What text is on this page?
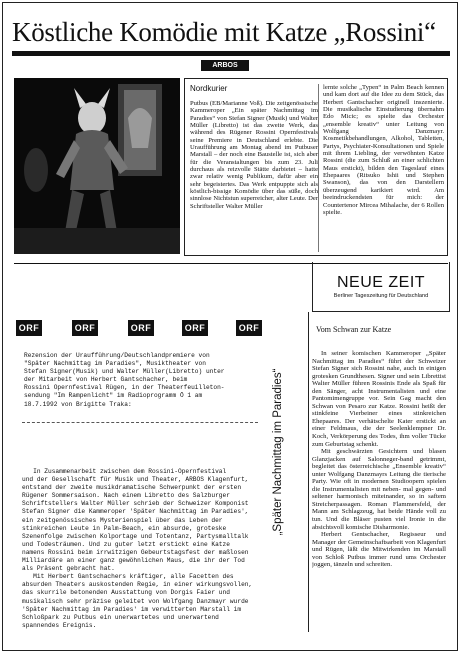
Köstliche Komödie mit Katze „Rossini“
ARBOS
Nordkurier
Putbus (EB/Marianne Voß). Die zeitgenössische Kammeroper „Ein später Nachmittag im Paradies“ von Stefan Signer (Musik) und Walter Müller (Libretto) ist das zweite Werk, das während des Rügener Rossini Opernfestivals seine Premiere in Deutschland erlebte. Die Uraufführung am Montag abend im Putbuser Marstall – der noch eine Baustelle ist, sich aber für die Veranstaltungen bis zum 23. Juli durchaus als reizvolle Stätte darbietet – hatte zwar relativ wenig Publikum, dafür aber ein sehr begeistertes. Das Werk entpuppte sich als köstlich-bissige Komödie über das süße, doch sinnlose Nichtstun superreicher, alter Leute. Der Schriftsteller Walter Müller
lernte solche „Typen“ in Palm Beach kennen und kam dort auf die Idee zu dem Stück, das Herbert Gantschacher originell inszenierte. Die musikalische Einstudierung übernahm Edo Micic; es spielte das Orchester „ensemble kreativ“ unter Leitung von Wolfgang Danzmayr. Kosmetikbehandlungen, Alkohol, Tabletten, Partys, Psychiater-Konsultationen und Spiele mit ihrem Liebling, der verwöhnten Katze Rossini (die zum Schluß an einer schlichten Maus erstickt), bilden den Tageslauf eines Ehepaares (Ritsuko Ishii und Stephen Swanson), das von den Darstellern überzeugend karikiert wird. Am beeindruckendsten für mich: der Countertenor Mircea Mihalache, der 6 Rollen spielte.
ORF	ORF	ORF	ORF	ORF
Rezension der Uraufführung/Deutschlandpremiere von
"Später Nachmittag im Paradies", Musiktheater von
Stefan Signer(Musik) und Walter Müller(Libretto) unter
der Mitarbeit von Herbert Gantschacher, beim
Rossini Opernfestival Rügen, in der Theaterfeuilleton-
sendung "Im Rampenlicht" im Radioprogramm Ö 1 am
18.7.1992 von Brigitte Traka:
In Zusammenarbeit zwischen dem Rossini-Opernfestival
und der Gesellschaft für Musik und Theater, ARBOS Klagenfurt,
entstand der zweite musikdramatische Schwerpunkt der ersten
Rügener Sommersaison. Nach einem Libretto des Salzburger
Schriftstellers Walter Müller schrieb der Schweizer Komponist
Stefan Signer die Kammeroper 'Später Nachmittag im Paradies',
ein zeitgenössisches Mysterienspiel über das Leben der
stinkreichen Leute in Palm-Beach, ein absurde, groteske
Szenenfolge zwischen Kolportage und Totentanz, Partysmalltalk
und Todesträumen. Und zu guter letzt erstickt eine Katze
namens Rossini beim irrwitzigen Gebeurtstagsfest der maßlosen
Milliardäre an einer ganz gewöhnlichen Maus, die ihr der Tod
als Präsent gebracht hat.
Mit Herbert Gantschachers kräftiger, alle Facetten des
absurden Theaters auskostenden Regie, in einer wirkungsvollen,
das skurrile betonenden Ausstattung von Dorgis Faier und
musikalisch sehr präzise geleitet von Wolfgang Danzmayr wurde
'Später Nachmittag im Paradies' im verwitterten Marstall im
Schloßpark zu Putbus ein unerwartetes und unerwartend
spannendes Ereignis.
„Später Nachmittag im Paradies“
NEUE ZEIT
Berliner Tageszeitung für Deutschland
Vom Schwan zur Katze

In seiner komischen Kammeroper „Später Nachmittag im Paradies“ führt der Schweizer Stefan Signer sich Rossini nahe, auch in einigen grotesken Grundthesen. Signer und sein Librettist Walter Müller führen Rossinis Ende als Spaß für den Sänger, acht Instrumentalisten und eine Pantomimengruppe vor. Sein Gag macht den Schwan von Pesaro zur Katze. Rossini heißt der stinkfeine Vierbeiner eines stinkreichen Ehepaares. Der verhätschelte Kater erstickt an einer Feldmaus, die der Seelenklempner Dr. Koch, Verkörperung des Todes, ihm voller Tücke zum Geburtstag schenkt.

Mit geschwärzten Gesichtern und blasen Glanzjacken auf Salonneger-band getrimmt, begleitet das österreichische „Ensemble kreativ“ unter Wolfgang Danzmayrs Leitung die tierische Party. Wie oft in modernen Studioopern spielen die Instrumentalisten mit neben- mal gegen- und seltener harmonisch miteinander, so in saftem Streicherpassagen. Roman Flammersfeld, der Mann am Schlagzeug, hat beide Hände voll zu tun. Und die Bläser pusten viel Ironie in die absichtsvoll komische Disharmonie.

Herbert Gentschacher, Regisseur und Manager der Gemeinschaftsarbeit von Klagenfurt und Rügen, läßt die Mitwirkenden im Marstall von Schloß Putbus immer rund ums Orchester joggen, tänzeln und schreiten.
